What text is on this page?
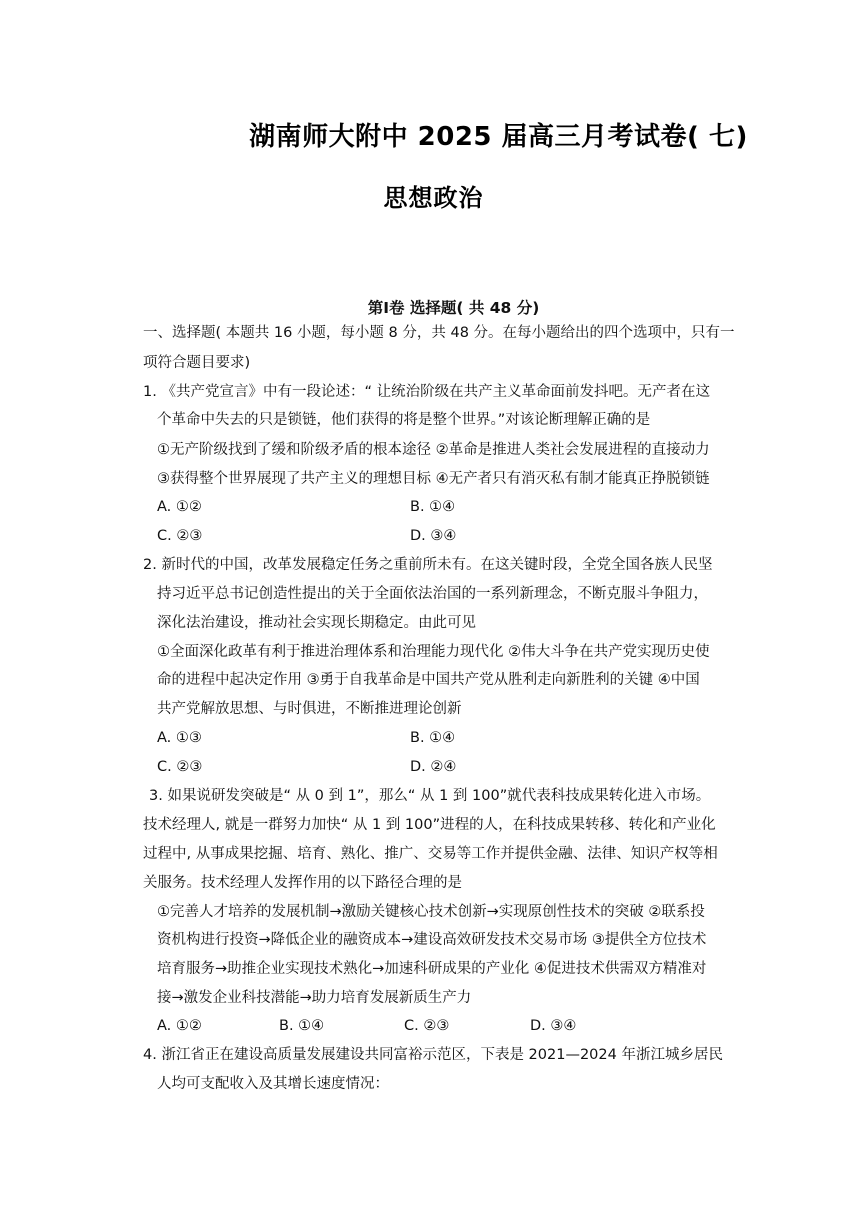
湖南师大附中 2025 届高三月考试卷( 七)
思想政治
第Ⅰ卷 选择题( 共 48 分)
一、选择题( 本题共 16 小题，每小题 8 分，共 48 分。在每小题给出的四个选项中，只有一
项符合题目要求)
1. 《共产党宣言》中有一段论述：“ 让统治阶级在共产主义革命面前发抖吧。无产者在这
个革命中失去的只是锁链，他们获得的将是整个世界。”对该论断理解正确的是
①无产阶级找到了缓和阶级矛盾的根本途径 ②革命是推进人类社会发展进程的直接动力
③获得整个世界展现了共产主义的理想目标 ④无产者只有消灭私有制才能真正挣脱锁链
A. ①②	B. ①④
C. ②③	D. ③④
2. 新时代的中国，改革发展稳定任务之重前所未有。在这关键时段，全党全国各族人民坚
持习近平总书记创造性提出的关于全面依法治国的一系列新理念，不断克服斗争阻力，
深化法治建设，推动社会实现长期稳定。由此可见
①全面深化政革有利于推进治理体系和治理能力现代化 ②伟大斗争在共产党实现历史使
命的进程中起决定作用 ③勇于自我革命是中国共产党从胜利走向新胜利的关键 ④中国
共产党解放思想、与时俱进，不断推进理论创新
A. ①③	B. ①④
C. ②③	D. ②④
3. 如果说研发突破是“ 从 0 到 1”，那么“ 从 1 到 100”就代表科技成果转化进入市场。
技术经理人, 就是一群努力加快“ 从 1 到 100”进程的人，在科技成果转移、转化和产业化
过程中, 从事成果挖掘、培育、熟化、推广、交易等工作并提供金融、法律、知识产权等相
关服务。技术经理人发挥作用的以下路径合理的是
①完善人才培养的发展机制→激励关键核心技术创新→实现原创性技术的突破 ②联系投
资机构进行投资→降低企业的融资成本→建设高效研发技术交易市场 ③提供全方位技术
培育服务→助推企业实现技术熟化→加速科研成果的产业化 ④促进技术供需双方精准对
接→激发企业科技潜能→助力培育发展新质生产力
A. ①②	B. ①④	C. ②③	D. ③④
4. 浙江省正在建设高质量发展建设共同富裕示范区，下表是 2021—2024 年浙江城乡居民
人均可支配收入及其增长速度情况：
